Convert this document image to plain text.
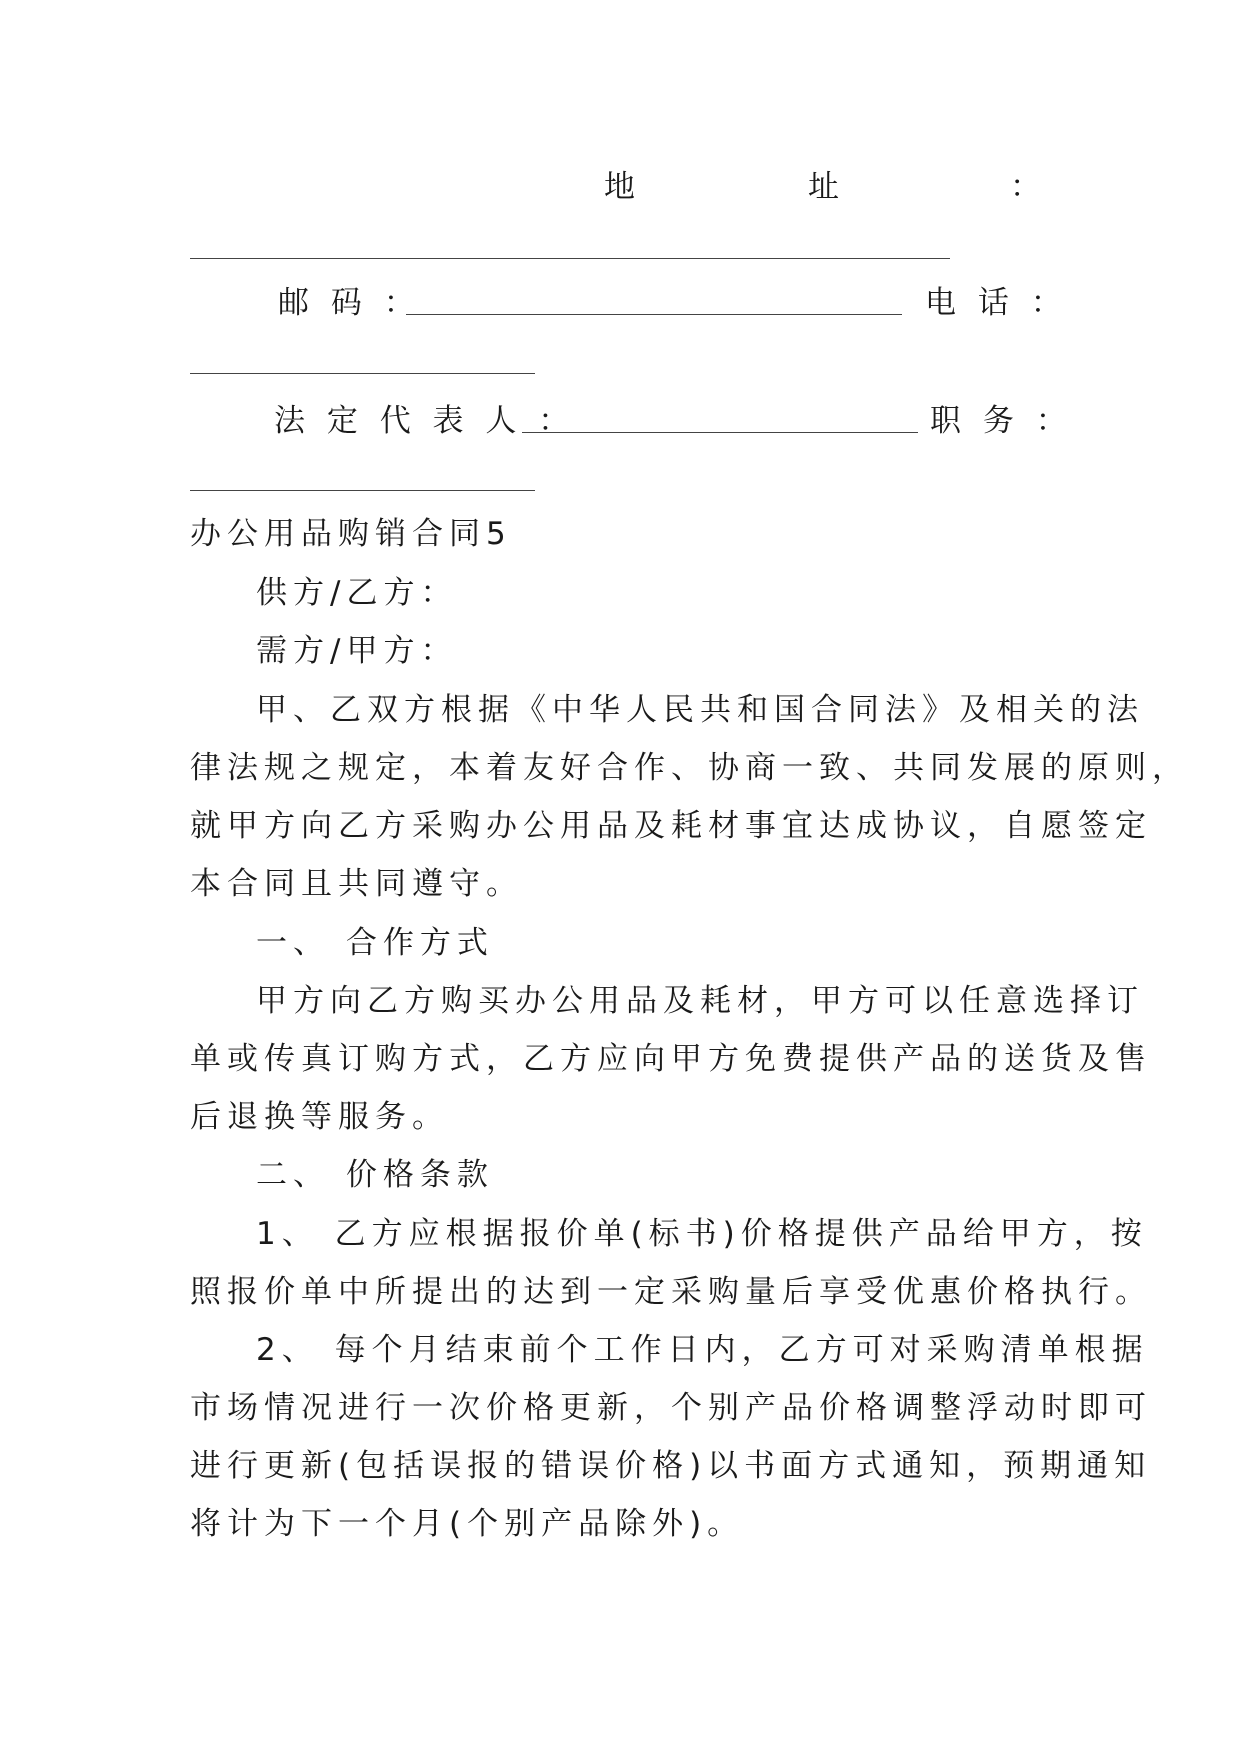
地	址	：
邮 码 ：	电 话 ：
法 定 代 表 人 ：	职 务 ：
办公用品购销合同5
供方/乙方：
需方/甲方：
甲、乙双方根据《中华人民共和国合同法》及相关的法
律法规之规定，本着友好合作、协商一致、共同发展的原则，
就甲方向乙方采购办公用品及耗材事宜达成协议，自愿签定
本合同且共同遵守。
一、 合作方式
甲方向乙方购买办公用品及耗材，甲方可以任意选择订
单或传真订购方式，乙方应向甲方免费提供产品的送货及售
后退换等服务。
二、 价格条款
1、 乙方应根据报价单(标书)价格提供产品给甲方，按
照报价单中所提出的达到一定采购量后享受优惠价格执行。
2、 每个月结束前个工作日内，乙方可对采购清单根据
市场情况进行一次价格更新，个别产品价格调整浮动时即可
进行更新(包括误报的错误价格)以书面方式通知，预期通知
将计为下一个月(个别产品除外)。
